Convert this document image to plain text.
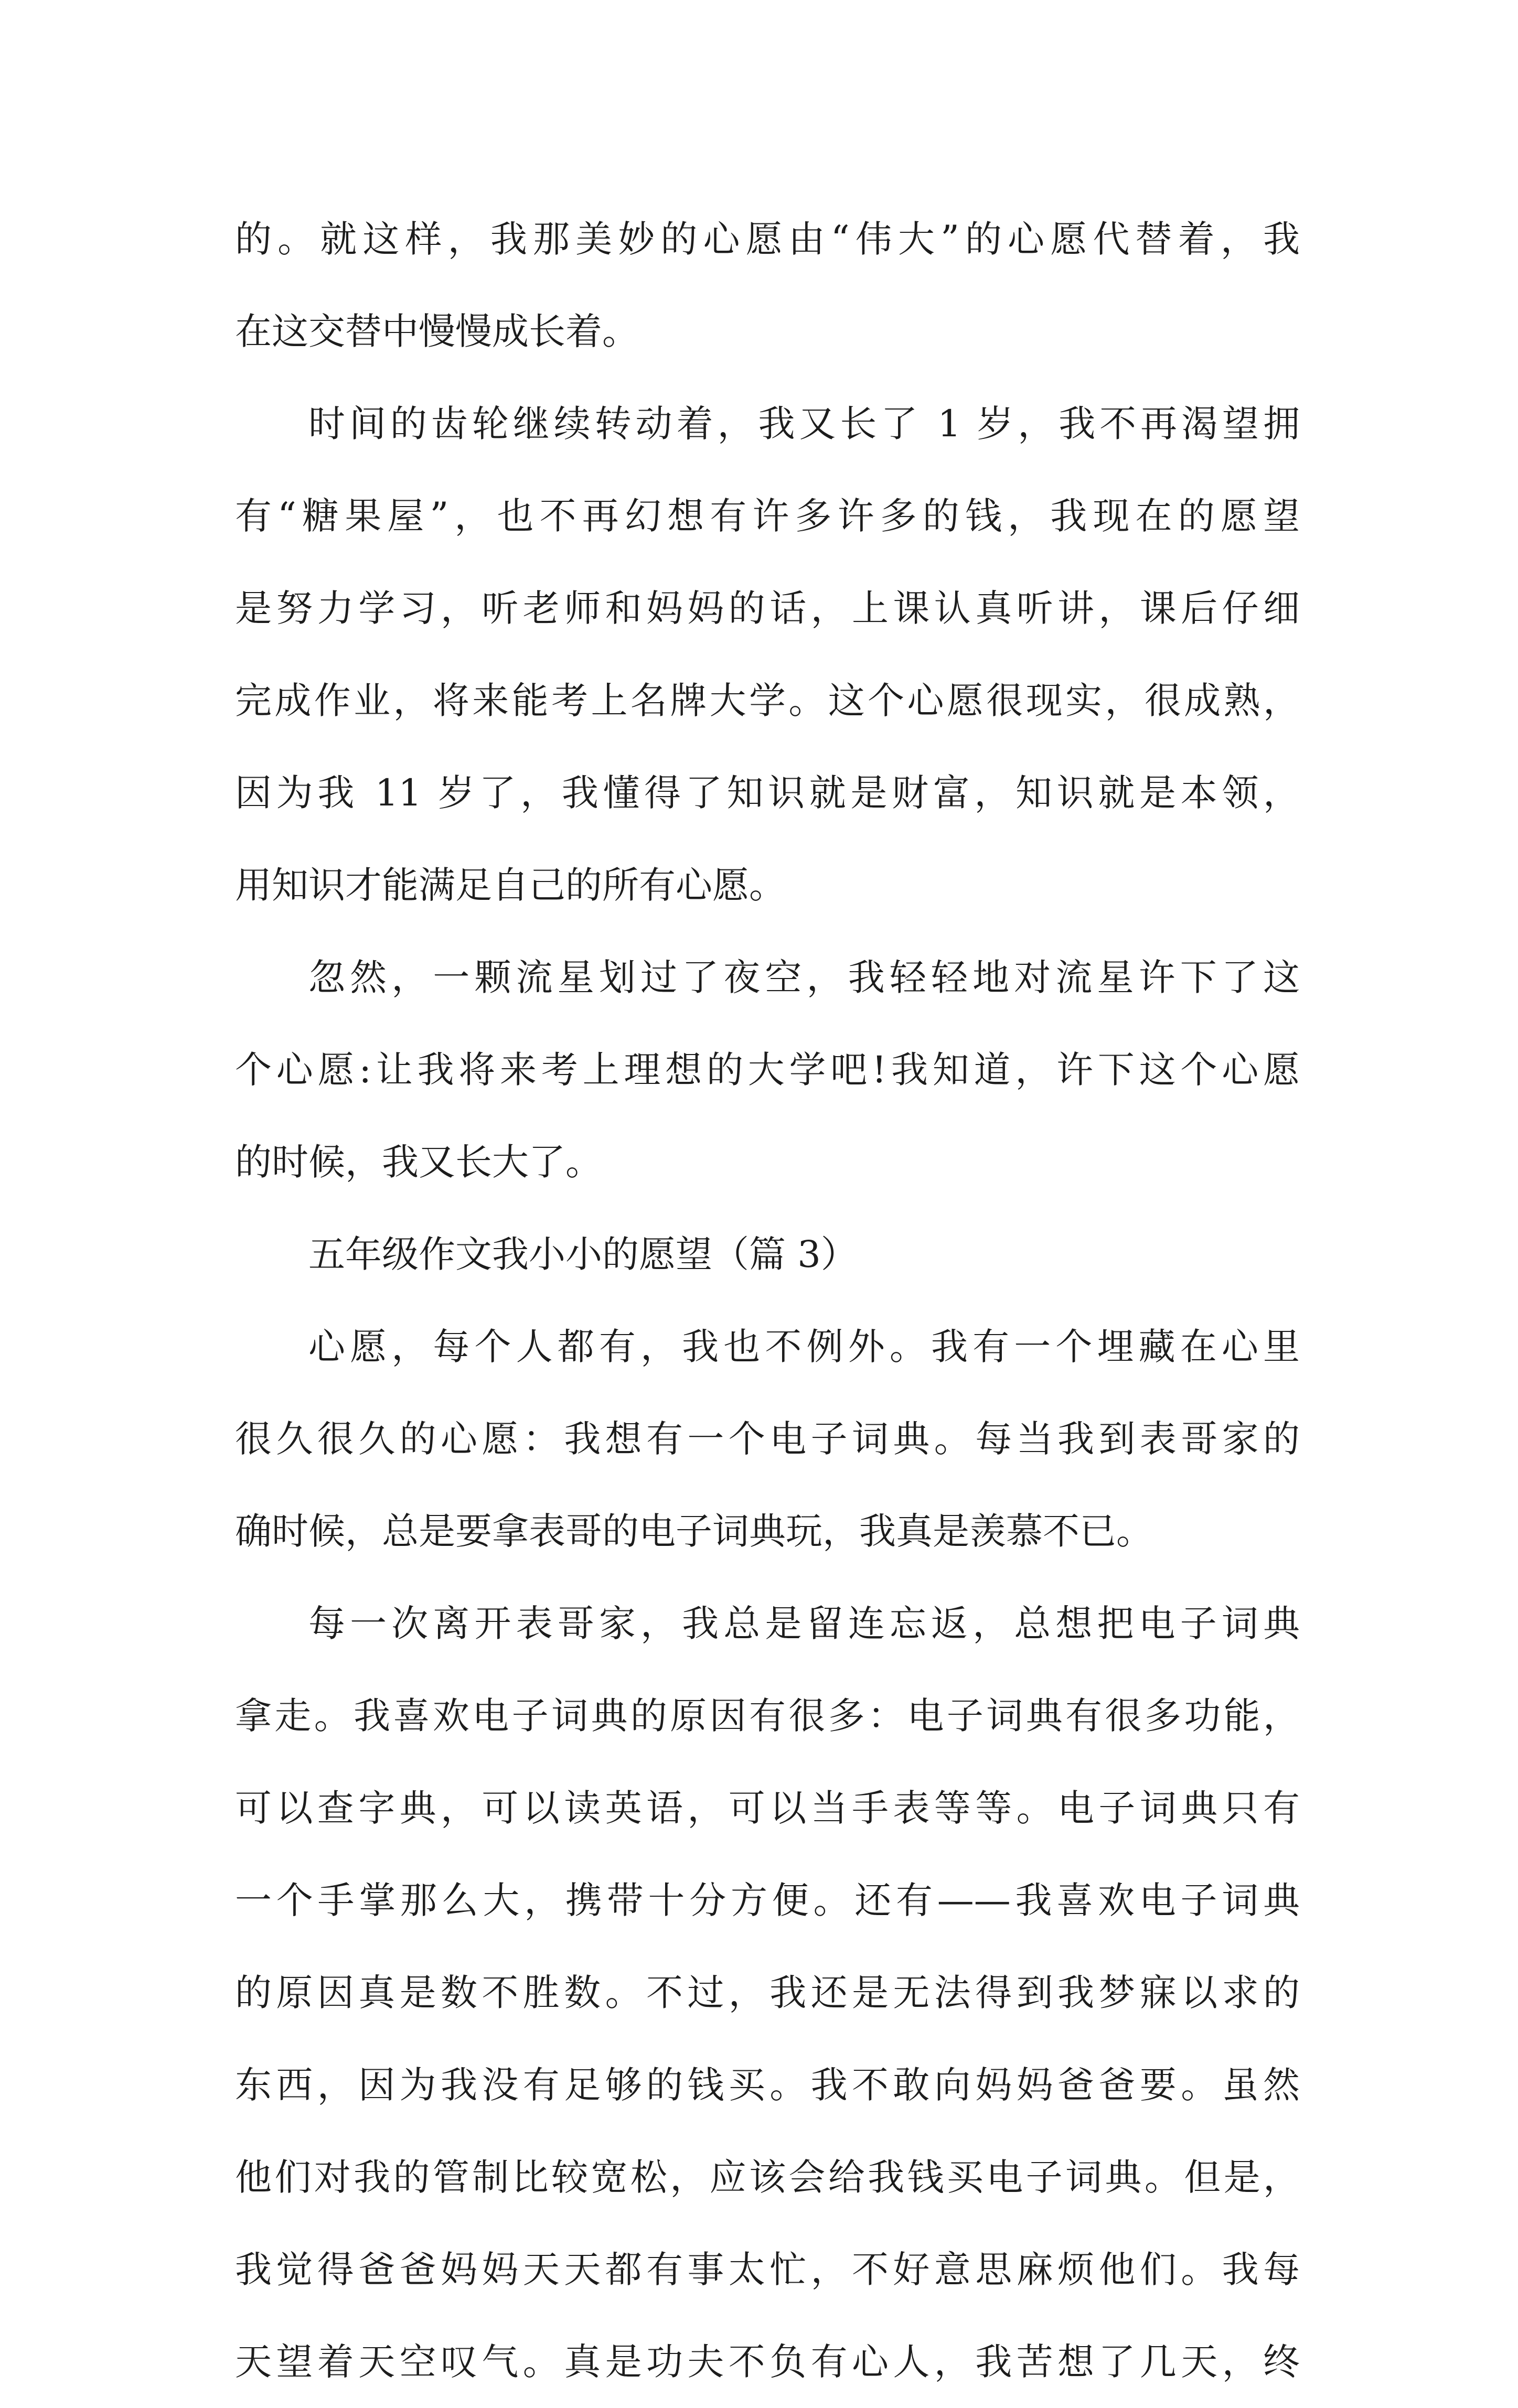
的。就这样，我那美妙的心愿由“伟大”的心愿代替着，我
在这交替中慢慢成长着。
时间的齿轮继续转动着，我又长了 1 岁，我不再渴望拥
有“糖果屋”，也不再幻想有许多许多的钱，我现在的愿望
是努力学习，听老师和妈妈的话，上课认真听讲，课后仔细
完成作业，将来能考上名牌大学。这个心愿很现实，很成熟，
因为我 11 岁了，我懂得了知识就是财富，知识就是本领，
用知识才能满足自己的所有心愿。
忽然，一颗流星划过了夜空，我轻轻地对流星许下了这
个心愿:让我将来考上理想的大学吧!我知道，许下这个心愿
的时候，我又长大了。
五年级作文我小小的愿望（篇 3）
心愿，每个人都有，我也不例外。我有一个埋藏在心里
很久很久的心愿：我想有一个电子词典。每当我到表哥家的
确时候，总是要拿表哥的电子词典玩，我真是羡慕不已。
每一次离开表哥家，我总是留连忘返，总想把电子词典
拿走。我喜欢电子词典的原因有很多：电子词典有很多功能，
可以查字典，可以读英语，可以当手表等等。电子词典只有
一个手掌那么大，携带十分方便。还有——我喜欢电子词典
的原因真是数不胜数。不过，我还是无法得到我梦寐以求的
东西，因为我没有足够的钱买。我不敢向妈妈爸爸要。虽然
他们对我的管制比较宽松，应该会给我钱买电子词典。但是，
我觉得爸爸妈妈天天都有事太忙，不好意思麻烦他们。我每
天望着天空叹气。真是功夫不负有心人，我苦想了几天，终
